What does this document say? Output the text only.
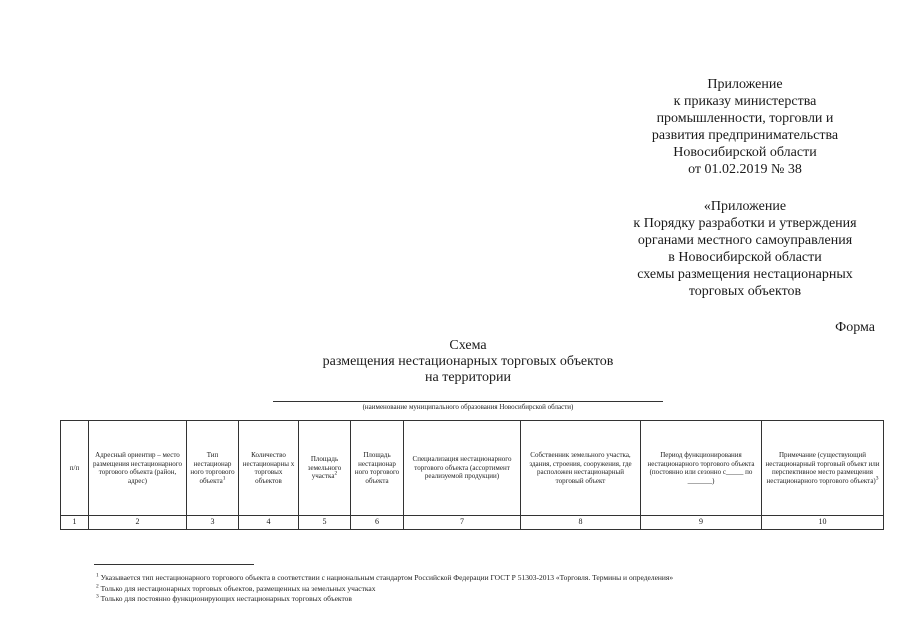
Приложение
к приказу министерства
промышленности, торговли и
развития предпринимательства
Новосибирской области
от 01.02.2019 № 38
«Приложение
к Порядку разработки и утверждения
органами местного самоуправления
в Новосибирской области
схемы размещения нестационарных
торговых объектов
Форма
Схема
размещения нестационарных торговых объектов
на территории
(наименование муниципального образования Новосибирской области)
п/п	Адресный ориентир – место размещения нестационарного торгового объекта (район, адрес)	Тип нестационар ного торгового объекта$^1$	Количество нестационарны х торговых объектов	Площадь земельного участка$^2$	Площадь нестационар ного торгового объекта	Специализация нестационарного торгового объекта (ассортимент реализуемой продукции)	Собственник земельного участка, здания, строения, сооружения, где расположен нестационарный торговый объект	Период функционирования нестационарного торгового объекта (постоянно или сезонно с_____ по _______)	Примечание (существующий нестационарный торговый объект или перспективное место размещения нестационарного торгового объекта)$^3$
1	2	3	4	5	6	7	8	9	10
$^1$ Указывается тип нестационарного торгового объекта в соответствии с национальным стандартом Российской Федерации ГОСТ Р 51303-2013 «Торговля. Термины и определения»
$^2$ Только для нестационарных торговых объектов, размещенных на земельных участках
$^3$ Только для постоянно функционирующих нестационарных торговых объектов
